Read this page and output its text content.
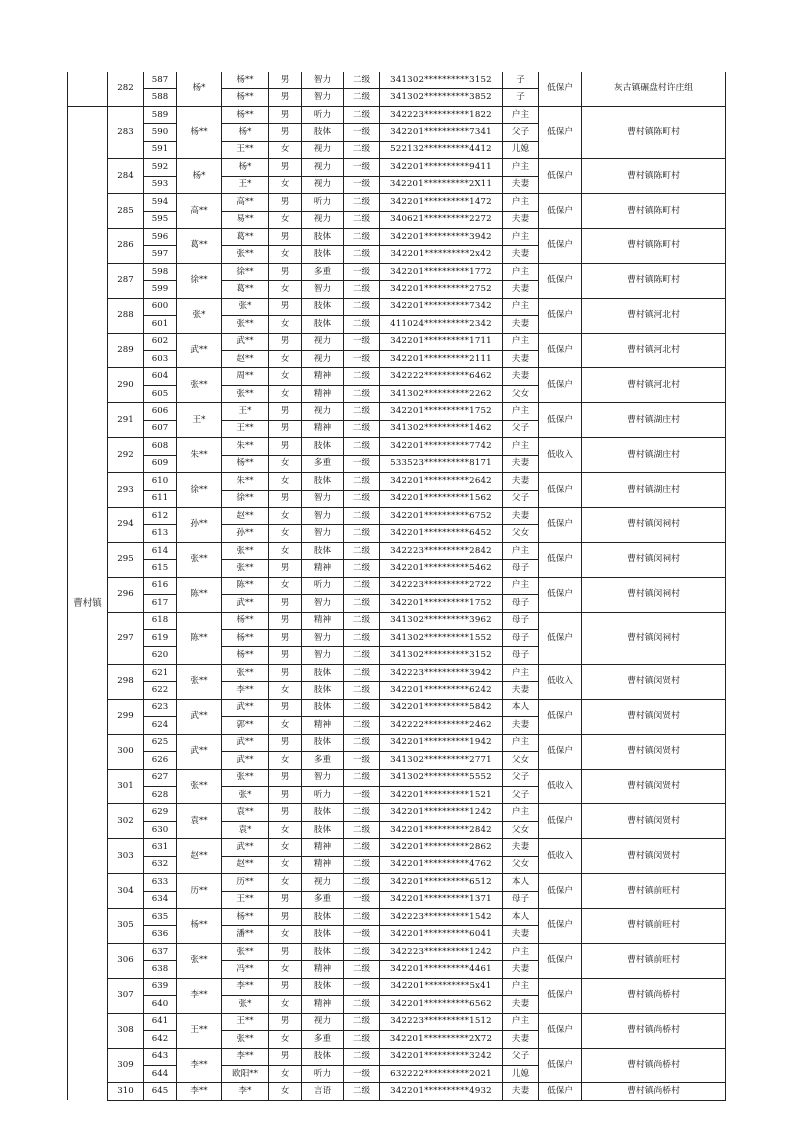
	282	587	杨*	杨**	男	智力	二级	341302**********3152	子	低保户	灰古镇碾盘村许庄组
		588		杨**	男	智力	二级	341302**********3852	子		
曹村镇	283	589	杨**	杨**	男	听力	二级	342223**********1822	户主	低保户	曹村镇陈町村
		590		杨*	男	肢体	一级	342201**********7341	父子		
		591		王**	女	视力	二级	522132**********4412	儿媳		
	284	592	杨*	杨*	男	视力	一级	342201**********9411	户主	低保户	曹村镇陈町村
		593		王*	女	视力	一级	342201**********2X11	夫妻		
	285	594	高**	高**	男	听力	二级	342201**********1472	户主	低保户	曹村镇陈町村
		595		易**	女	视力	二级	340621**********2272	夫妻		
	286	596	葛**	葛**	男	肢体	二级	342201**********3942	户主	低保户	曹村镇陈町村
		597		张**	女	肢体	二级	342201**********2x42	夫妻		
	287	598	徐**	徐**	男	多重	一级	342201**********1772	户主	低保户	曹村镇陈町村
		599		葛**	女	智力	二级	342201**********2752	夫妻		
	288	600	张*	张*	男	肢体	二级	342201**********7342	户主	低保户	曹村镇河北村
		601		张**	女	肢体	二级	411024**********2342	夫妻		
	289	602	武**	武**	男	视力	一级	342201**********1711	户主	低保户	曹村镇河北村
		603		赵**	女	视力	一级	342201**********2111	夫妻		
	290	604	张**	周**	女	精神	二级	342222**********6462	夫妻	低保户	曹村镇河北村
		605		张**	女	精神	二级	341302**********2262	父女		
	291	606	王*	王*	男	视力	二级	342201**********1752	户主	低保户	曹村镇湖庄村
		607		王**	男	精神	二级	341302**********1462	父子		
	292	608	朱**	朱**	男	肢体	二级	342201**********7742	户主	低收入	曹村镇湖庄村
		609		杨**	女	多重	一级	533523**********8171	夫妻		
	293	610	徐**	朱**	女	肢体	二级	342201**********2642	夫妻	低保户	曹村镇湖庄村
		611		徐**	男	智力	二级	342201**********1562	父子		
	294	612	孙**	赵**	女	智力	二级	342201**********6752	夫妻	低保户	曹村镇闵祠村
		613		孙**	女	智力	二级	342201**********6452	父女		
	295	614	张**	张**	女	肢体	二级	342223**********2842	户主	低保户	曹村镇闵祠村
		615		张**	男	精神	二级	342201**********5462	母子		
	296	616	陈**	陈**	女	听力	二级	342223**********2722	户主	低保户	曹村镇闵祠村
		617		武**	男	智力	二级	342201**********1752	母子		
	297	618	陈**	杨**	男	精神	二级	341302**********3962	母子	低保户	曹村镇闵祠村
		619		杨**	男	智力	二级	341302**********1552	母子		
		620		杨**	男	智力	二级	341302**********3152	母子		
	298	621	张**	张**	男	肢体	二级	342223**********3942	户主	低收入	曹村镇闵贤村
		622		李**	女	肢体	二级	342201**********6242	夫妻		
	299	623	武**	武**	男	肢体	二级	342201**********5842	本人	低保户	曹村镇闵贤村
		624		郭**	女	精神	二级	342222**********2462	夫妻		
	300	625	武**	武**	男	肢体	二级	342201**********1942	户主	低保户	曹村镇闵贤村
		626		武**	女	多重	一级	341302**********2771	父女		
	301	627	张**	张**	男	智力	二级	341302**********5552	父子	低收入	曹村镇闵贤村
		628		张*	男	听力	一级	342201**********1521	父子		
	302	629	袁**	袁**	男	肢体	二级	342201**********1242	户主	低保户	曹村镇闵贤村
		630		袁*	女	肢体	二级	342201**********2842	父女		
	303	631	赵**	武**	女	精神	二级	342201**********2862	夫妻	低收入	曹村镇闵贤村
		632		赵**	女	精神	二级	342201**********4762	父女		
	304	633	历**	历**	女	视力	二级	342201**********6512	本人	低保户	曹村镇前旺村
		634		王**	男	多重	一级	342201**********1371	母子		
	305	635	杨**	杨**	男	肢体	二级	342223**********1542	本人	低保户	曹村镇前旺村
		636		潘**	女	肢体	一级	342201**********6041	夫妻		
	306	637	张**	张**	男	肢体	二级	342223**********1242	户主	低保户	曹村镇前旺村
		638		冯**	女	精神	二级	342201**********4461	夫妻		
	307	639	李**	李**	男	肢体	一级	342201**********5x41	户主	低保户	曹村镇尚桥村
		640		张*	女	精神	二级	342201**********6562	夫妻		
	308	641	王**	王**	男	视力	二级	342223**********1512	户主	低保户	曹村镇尚桥村
		642		张**	女	多重	二级	342201**********2X72	夫妻		
	309	643	李**	李**	男	肢体	二级	342201**********3242	父子	低保户	曹村镇尚桥村
		644		欧阳**	女	听力	一级	632222**********2021	儿媳		
	310	645	李**	李*	女	言语	二级	342201**********4932	夫妻	低保户	曹村镇尚桥村
